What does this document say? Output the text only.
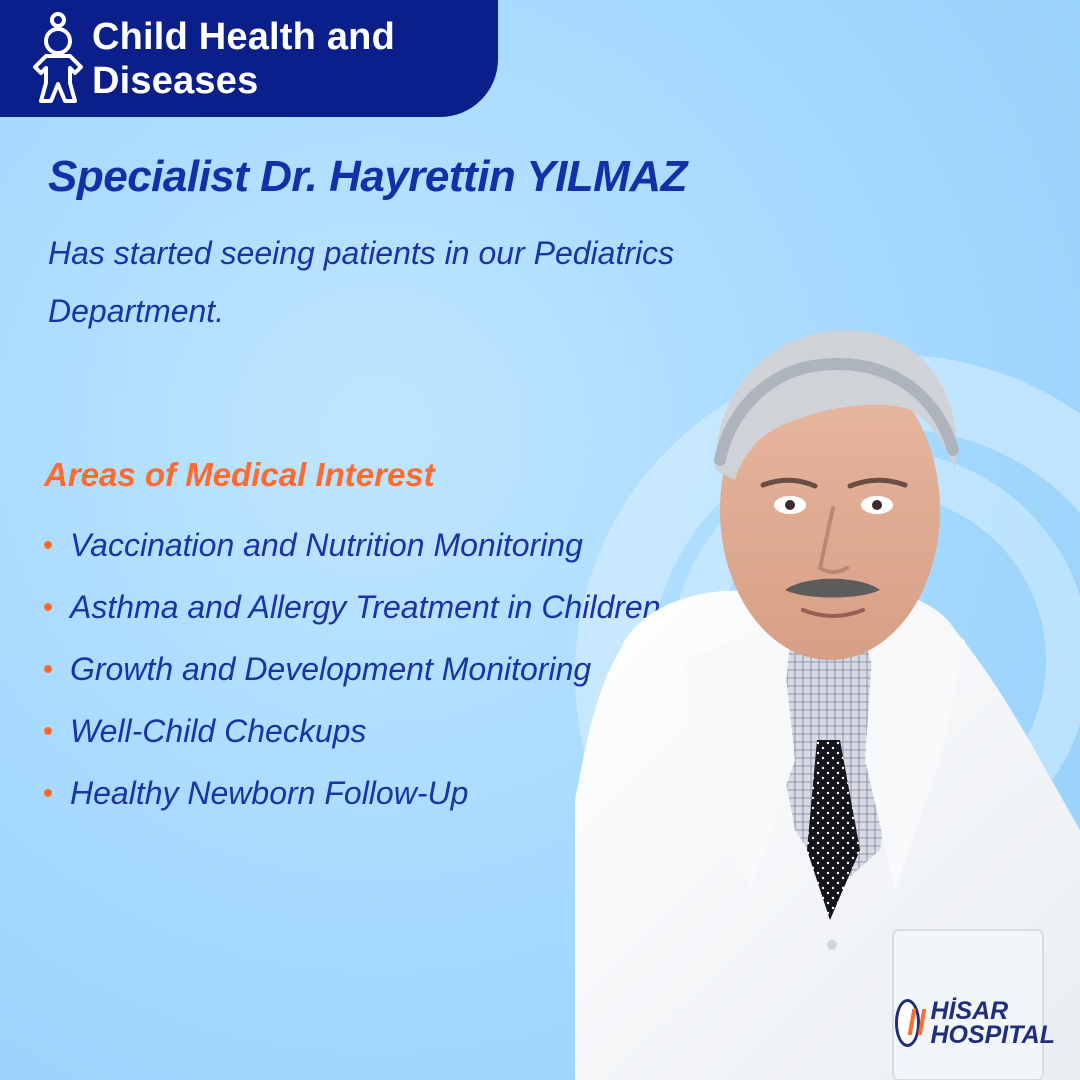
Child Health and Diseases
Specialist Dr. Hayrettin YILMAZ
Has started seeing patients in our Pediatrics Department.
Areas of Medical Interest
Vaccination and Nutrition Monitoring
Asthma and Allergy Treatment in Children
Growth and Development Monitoring
Well-Child Checkups
Healthy Newborn Follow-Up
HİSAR
HOSPITAL
